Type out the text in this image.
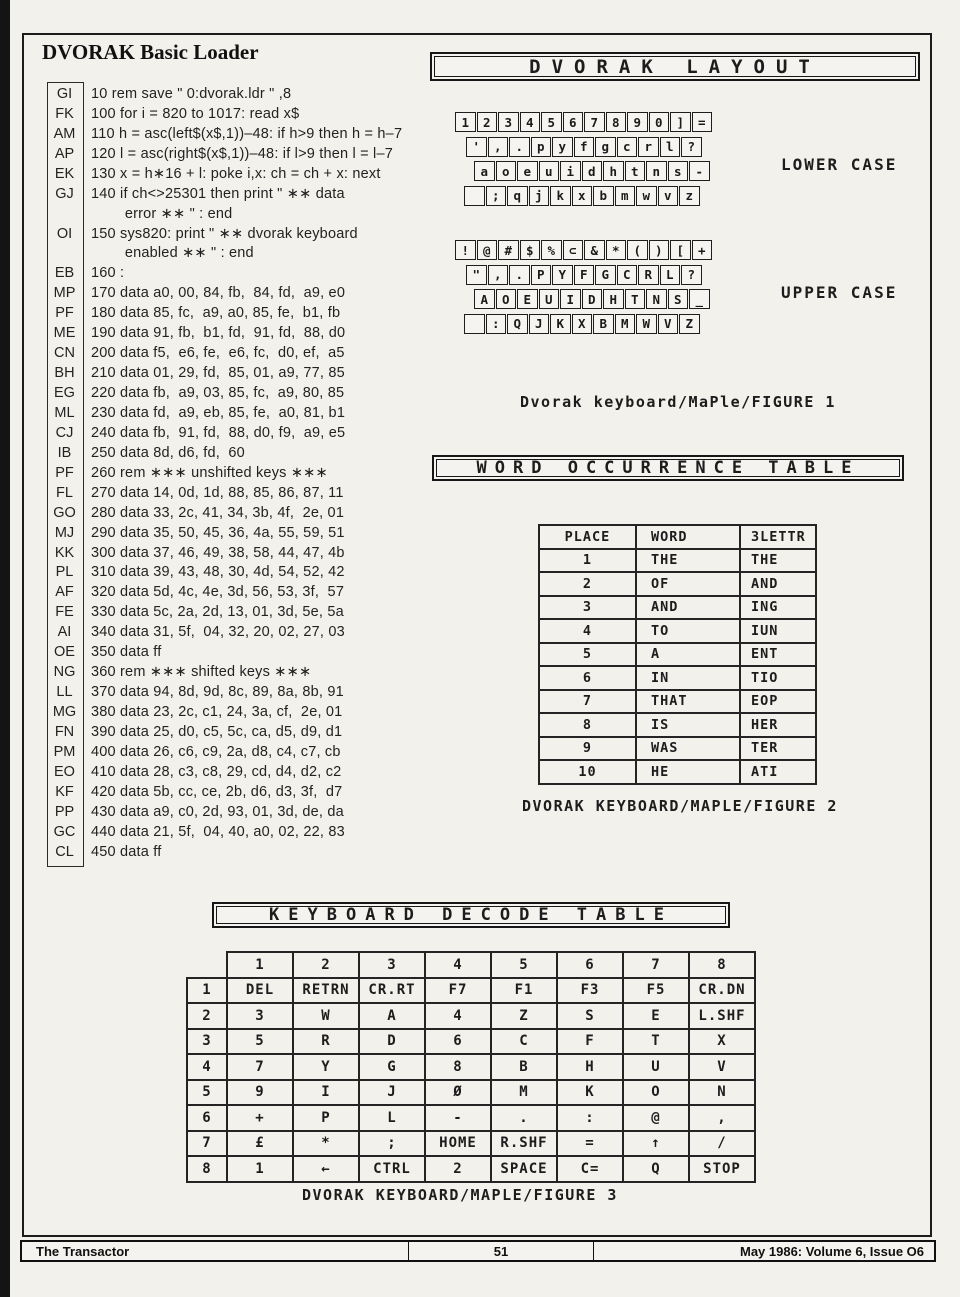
DVORAK Basic Loader
GI	10 rem save " 0:dvorak.ldr " ,8
FK	100 for i = 820 to 1017: read x$
AM	110 h = asc(left$(x$,1))–48: if h>9 then h = h–7
AP	120 l = asc(right$(x$,1))–48: if l>9 then l = l–7
EK	130 x = h∗16 + l: poke i,x: ch = ch + x: next
GJ	140 if ch<>25301 then print " ∗∗ data
error ∗∗ " : end
OI	150 sys820: print " ∗∗ dvorak keyboard
enabled ∗∗ " : end
EB	160 :
MP	170 data a0, 00, 84, fb,  84, fd,  a9, e0
PF	180 data 85, fc,  a9, a0, 85, fe,  b1, fb
ME	190 data 91, fb,  b1, fd,  91, fd,  88, d0
CN	200 data f5,  e6, fe,  e6, fc,  d0, ef,  a5
BH	210 data 01, 29, fd,  85, 01, a9, 77, 85
EG	220 data fb,  a9, 03, 85, fc,  a9, 80, 85
ML	230 data fd,  a9, eb, 85, fe,  a0, 81, b1
CJ	240 data fb,  91, fd,  88, d0, f9,  a9, e5
IB	250 data 8d, d6, fd,  60
PF	260 rem ∗∗∗ unshifted keys ∗∗∗
FL	270 data 14, 0d, 1d, 88, 85, 86, 87, 11
GO	280 data 33, 2c, 41, 34, 3b, 4f,  2e, 01
MJ	290 data 35, 50, 45, 36, 4a, 55, 59, 51
KK	300 data 37, 46, 49, 38, 58, 44, 47, 4b
PL	310 data 39, 43, 48, 30, 4d, 54, 52, 42
AF	320 data 5d, 4c, 4e, 3d, 56, 53, 3f,  57
FE	330 data 5c, 2a, 2d, 13, 01, 3d, 5e, 5a
AI	340 data 31, 5f,  04, 32, 20, 02, 27, 03
OE	350 data ff
NG	360 rem ∗∗∗ shifted keys ∗∗∗
LL	370 data 94, 8d, 9d, 8c, 89, 8a, 8b, 91
MG	380 data 23, 2c, c1, 24, 3a, cf,  2e, 01
FN	390 data 25, d0, c5, 5c, ca, d5, d9, d1
PM	400 data 26, c6, c9, 2a, d8, c4, c7, cb
EO	410 data 28, c3, c8, 29, cd, d4, d2, c2
KF	420 data 5b, cc, ce, 2b, d6, d3, 3f,  d7
PP	430 data a9, c0, 2d, 93, 01, 3d, de, da
GC	440 data 21, 5f,  04, 40, a0, 02, 22, 83
CL	450 data ff
DVORAK LAYOUT
1 2 3 4 5 6 7 8 9 0 ] =
' , . p y f g c r l ?
a o e u i d h t n s -
; q j k x b m w v z
LOWER CASE
! @ # $ % ⊂ & * ( ) [ +
" , . P Y F G C R L ?
A O E U I D H T N S _
: Q J K X B M W V Z
UPPER CASE
Dvorak keyboard/MaPle/FIGURE 1
WORD OCCURRENCE TABLE
PLACE	WORD	3LETTR
1	THE	THE
2	OF	AND
3	AND	ING
4	TO	IUN
5	A	ENT
6	IN	TIO
7	THAT	EOP
8	IS	HER
9	WAS	TER
10	HE	ATI
DVORAK KEYBOARD/MAPLE/FIGURE 2
KEYBOARD DECODE TABLE
	1	2	3	4	5	6	7	8
1	DEL	RETRN	CR.RT	F7	F1	F3	F5	CR.DN
2	3	W	A	4	Z	S	E	L.SHF
3	5	R	D	6	C	F	T	X
4	7	Y	G	8	B	H	U	V
5	9	I	J	Ø	M	K	O	N
6	+	P	L	-	.	:	@	,
7	£	*	;	HOME	R.SHF	=	↑	/
8	1	←	CTRL	2	SPACE	C=	Q	STOP
DVORAK KEYBOARD/MAPLE/FIGURE 3
The Transactor	51	May 1986: Volume 6, Issue O6
